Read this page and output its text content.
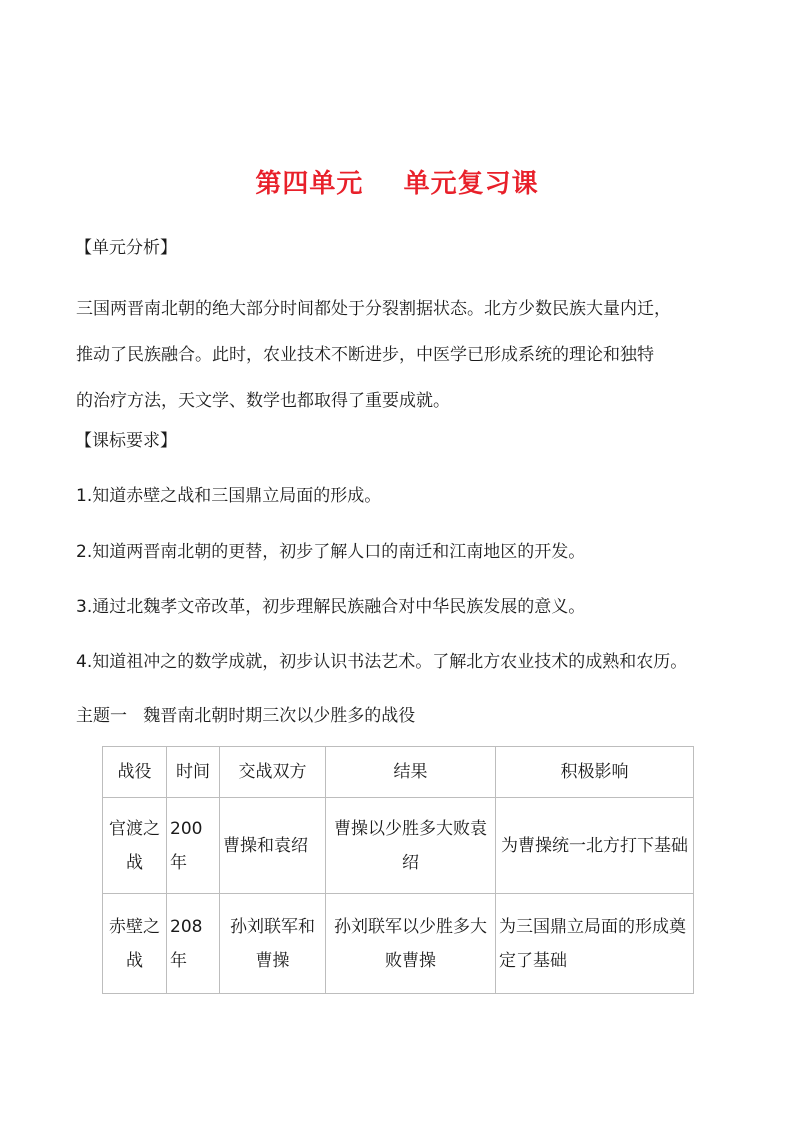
第四单元    单元复习课
【单元分析】
三国两晋南北朝的绝大部分时间都处于分裂割据状态。北方少数民族大量内迁，
推动了民族融合。此时，农业技术不断进步，中医学已形成系统的理论和独特
的治疗方法，天文学、数学也都取得了重要成就。
【课标要求】
1.知道赤壁之战和三国鼎立局面的形成。
2.知道两晋南北朝的更替，初步了解人口的南迁和江南地区的开发。
3.通过北魏孝文帝改革，初步理解民族融合对中华民族发展的意义。
4.知道祖冲之的数学成就，初步认识书法艺术。了解北方农业技术的成熟和农历。
主题一   魏晋南北朝时期三次以少胜多的战役
战役	时间	交战双方	结果	积极影响
官渡之战	200 年	曹操和袁绍	曹操以少胜多大败袁绍	为曹操统一北方打下基础
赤壁之战	208 年	孙刘联军和曹操	孙刘联军以少胜多大败曹操	为三国鼎立局面的形成奠定了基础
